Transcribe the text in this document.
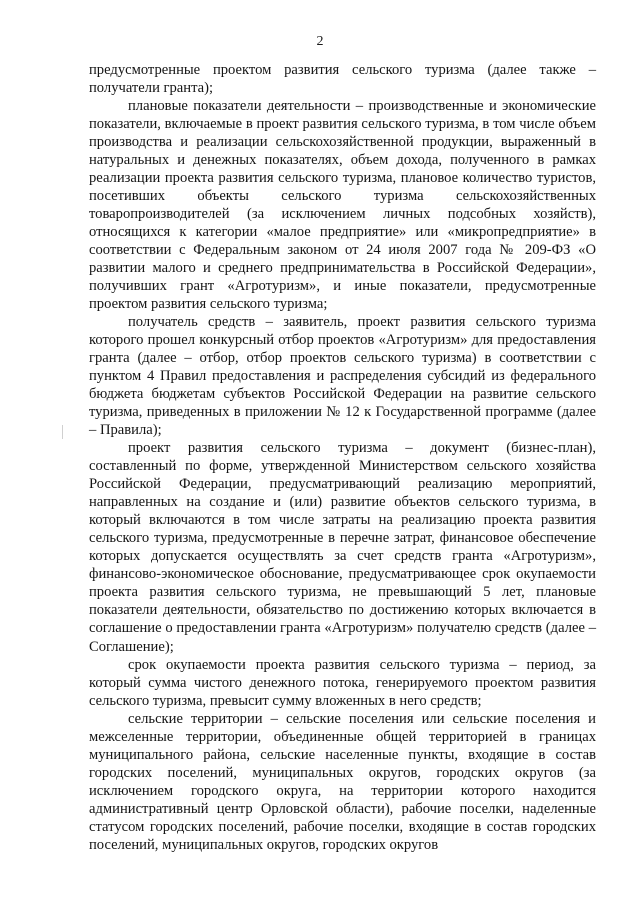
2

предусмотренные проектом развития сельского туризма (далее также – получатели гранта);

плановые показатели деятельности – производственные и экономические показатели, включаемые в проект развития сельского туризма, в том числе объем производства и реализации сельскохозяйственной продукции, выраженный в натуральных и денежных показателях, объем дохода, полученного в рамках реализации проекта развития сельского туризма, плановое количество туристов, посетивших объекты сельского туризма сельскохозяйственных товаропроизводителей (за исключением личных подсобных хозяйств), относящихся к категории «малое предприятие» или «микропредприятие» в соответствии с Федеральным законом от 24 июля 2007 года № 209-ФЗ «О развитии малого и среднего предпринимательства в Российской Федерации», получивших грант «Агротуризм», и иные показатели, предусмотренные проектом развития сельского туризма;

получатель средств – заявитель, проект развития сельского туризма которого прошел конкурсный отбор проектов «Агротуризм» для предоставления гранта (далее – отбор, отбор проектов сельского туризма) в соответствии с пунктом 4 Правил предоставления и распределения субсидий из федерального бюджета бюджетам субъектов Российской Федерации на развитие сельского туризма, приведенных в приложении № 12 к Государственной программе (далее – Правила);

проект развития сельского туризма – документ (бизнес-план), составленный по форме, утвержденной Министерством сельского хозяйства Российской Федерации, предусматривающий реализацию мероприятий, направленных на создание и (или) развитие объектов сельского туризма, в который включаются в том числе затраты на реализацию проекта развития сельского туризма, предусмотренные в перечне затрат, финансовое обеспечение которых допускается осуществлять за счет средств гранта «Агротуризм», финансово-экономическое обоснование, предусматривающее срок окупаемости проекта развития сельского туризма, не превышающий 5 лет, плановые показатели деятельности, обязательство по достижению которых включается в соглашение о предоставлении гранта «Агротуризм» получателю средств (далее – Соглашение);

срок окупаемости проекта развития сельского туризма – период, за который сумма чистого денежного потока, генерируемого проектом развития сельского туризма, превысит сумму вложенных в него средств;

сельские территории – сельские поселения или сельские поселения и межселенные территории, объединенные общей территорией в границах муниципального района, сельские населенные пункты, входящие в состав городских поселений, муниципальных округов, городских округов (за исключением городского округа, на территории которого находится административный центр Орловской области), рабочие поселки, наделенные статусом городских поселений, рабочие поселки, входящие в состав городских поселений, муниципальных округов, городских округов
